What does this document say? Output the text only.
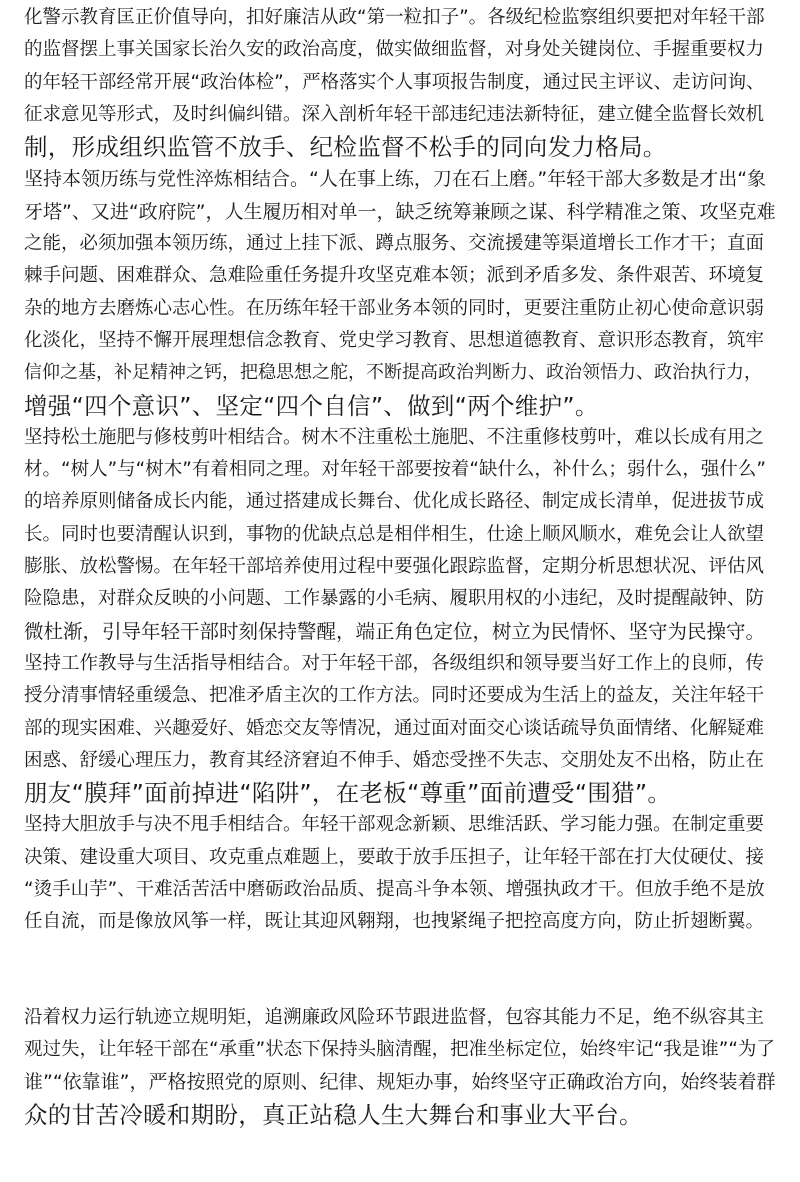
化警示教育匡正价值导向，扣好廉洁从政“第一粒扣子”。各级纪检监察组织要把对年轻干部
的监督摆上事关国家长治久安的政治高度，做实做细监督，对身处关键岗位、手握重要权力
的年轻干部经常开展“政治体检”，严格落实个人事项报告制度，通过民主评议、走访问询、
征求意见等形式，及时纠偏纠错。深入剖析年轻干部违纪违法新特征，建立健全监督长效机
制，形成组织监管不放手、纪检监督不松手的同向发力格局。
坚持本领历练与党性淬炼相结合。“人在事上练，刀在石上磨。”年轻干部大多数是才出“象
牙塔”、又进“政府院”，人生履历相对单一，缺乏统筹兼顾之谋、科学精准之策、攻坚克难
之能，必须加强本领历练，通过上挂下派、蹲点服务、交流援建等渠道增长工作才干；直面
棘手问题、困难群众、急难险重任务提升攻坚克难本领；派到矛盾多发、条件艰苦、环境复
杂的地方去磨炼心志心性。在历练年轻干部业务本领的同时，更要注重防止初心使命意识弱
化淡化，坚持不懈开展理想信念教育、党史学习教育、思想道德教育、意识形态教育，筑牢
信仰之基，补足精神之钙，把稳思想之舵，不断提高政治判断力、政治领悟力、政治执行力，
增强“四个意识”、坚定“四个自信”、做到“两个维护”。
坚持松土施肥与修枝剪叶相结合。树木不注重松土施肥、不注重修枝剪叶，难以长成有用之
材。“树人”与“树木”有着相同之理。对年轻干部要按着“缺什么，补什么；弱什么，强什么”
的培养原则储备成长内能，通过搭建成长舞台、优化成长路径、制定成长清单，促进拔节成
长。同时也要清醒认识到，事物的优缺点总是相伴相生，仕途上顺风顺水，难免会让人欲望
膨胀、放松警惕。在年轻干部培养使用过程中要强化跟踪监督，定期分析思想状况、评估风
险隐患，对群众反映的小问题、工作暴露的小毛病、履职用权的小违纪，及时提醒敲钟、防
微杜渐，引导年轻干部时刻保持警醒，端正角色定位，树立为民情怀、坚守为民操守。
坚持工作教导与生活指导相结合。对于年轻干部，各级组织和领导要当好工作上的良师，传
授分清事情轻重缓急、把准矛盾主次的工作方法。同时还要成为生活上的益友，关注年轻干
部的现实困难、兴趣爱好、婚恋交友等情况，通过面对面交心谈话疏导负面情绪、化解疑难
困惑、舒缓心理压力，教育其经济窘迫不伸手、婚恋受挫不失志、交朋处友不出格，防止在
朋友“膜拜”面前掉进“陷阱”，在老板“尊重”面前遭受“围猎”。
坚持大胆放手与决不甩手相结合。年轻干部观念新颖、思维活跃、学习能力强。在制定重要
决策、建设重大项目、攻克重点难题上，要敢于放手压担子，让年轻干部在打大仗硬仗、接
“烫手山芋”、干难活苦活中磨砺政治品质、提高斗争本领、增强执政才干。但放手绝不是放
任自流，而是像放风筝一样，既让其迎风翱翔，也拽紧绳子把控高度方向，防止折翅断翼。
沿着权力运行轨迹立规明矩，追溯廉政风险环节跟进监督，包容其能力不足，绝不纵容其主
观过失，让年轻干部在“承重”状态下保持头脑清醒，把准坐标定位，始终牢记“我是谁”“为了
谁”“依靠谁”，严格按照党的原则、纪律、规矩办事，始终坚守正确政治方向，始终装着群
众的甘苦冷暖和期盼，真正站稳人生大舞台和事业大平台。
